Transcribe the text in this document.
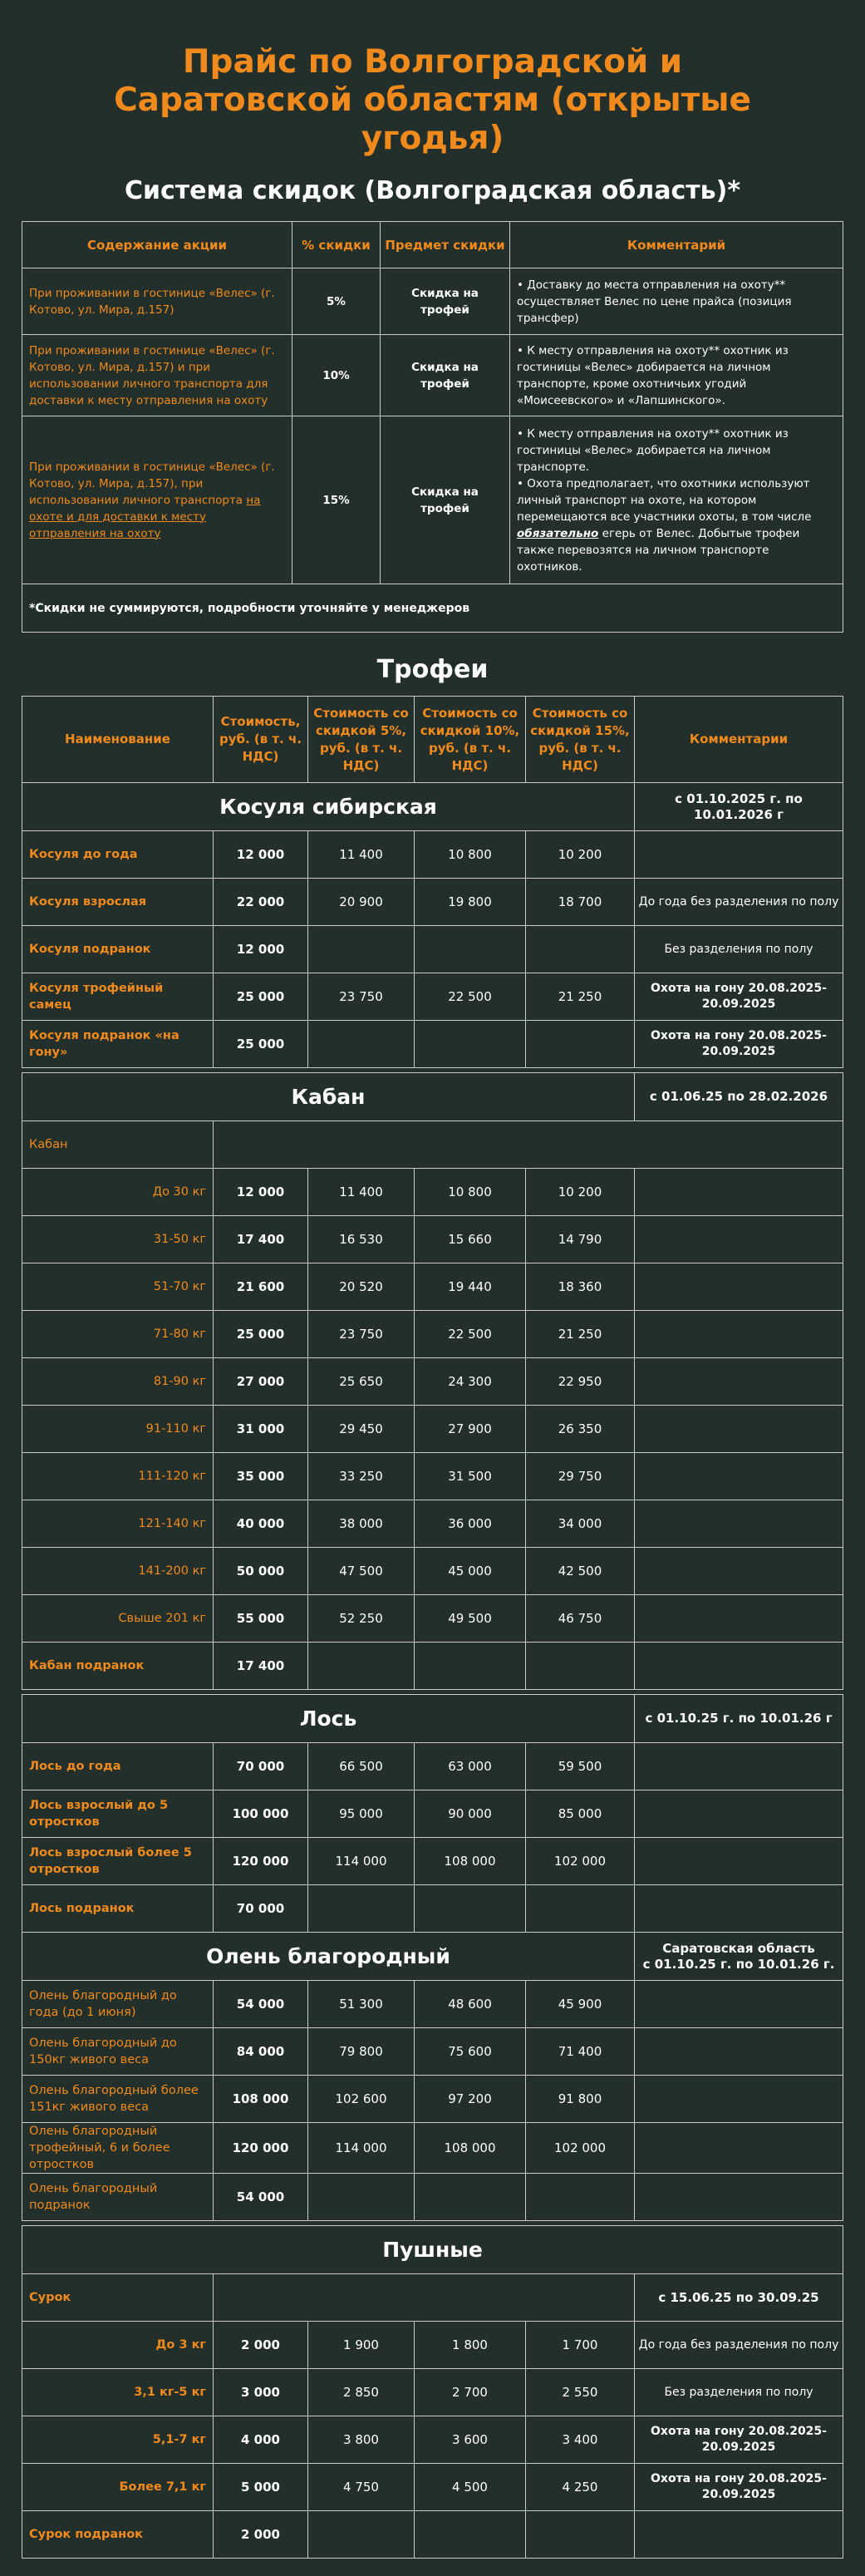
Прайс по Волгоградской и Саратовской областям (открытые угодья)
Система скидок (Волгоградская область)*
Содержание акции	% скидки	Предмет скидки	Комментарий
При проживании в гостинице «Велес» (г. Котово, ул. Мира, д.157)	5%	Скидка на трофей	• Доставку до места отправления на охоту** осуществляет Велес по цене прайса (позиция трансфер)
При проживании в гостинице «Велес» (г. Котово, ул. Мира, д.157) и при использовании личного транспорта для доставки к месту отправления на охоту	10%	Скидка на трофей	• К месту отправления на охоту** охотник из гостиницы «Велес» добирается на личном транспорте, кроме охотничьих угодий «Моисеевского» и «Лапшинского».
При проживании в гостинице «Велес» (г. Котово, ул. Мира, д.157), при использовании личного транспорта на охоте и для доставки к месту отправления на охоту	15%	Скидка на трофей	• К месту отправления на охоту** охотник из гостиницы «Велес» добирается на личном транспорте.
• Охота предполагает, что охотники используют личный транспорт на охоте, на котором перемещаются все участники охоты, в том числе обязательно егерь от Велес. Добытые трофеи также перевозятся на личном транспорте охотников.

*Скидки не суммируются, подробности уточняйте у менеджеров			
Трофеи
Наименование	Стоимость, руб. (в т. ч. НДС)	Стоимость со скидкой 5%, руб. (в т. ч. НДС)	Стоимость со скидкой 10%, руб. (в т. ч. НДС)	Стоимость со скидкой 15%, руб. (в т. ч. НДС)	Комментарии
Косуля сибирская					с 01.10.2025 г. по 10.01.2026 г
Косуля до года	12 000	11 400	10 800	10 200	
Косуля взрослая	22 000	20 900	19 800	18 700	До года без разделения по полу
Косуля подранок	12 000				Без разделения по полу
Косуля трофейный самец	25 000	23 750	22 500	21 250	Охота на гону 20.08.2025-20.09.2025
Косуля подранок «на гону»	25 000				Охота на гону 20.08.2025-20.09.2025

Кабан					с 01.06.25 по 28.02.2026
Кабан					
До 30 кг	12 000	11 400	10 800	10 200	
31-50 кг	17 400	16 530	15 660	14 790	
51-70 кг	21 600	20 520	19 440	18 360	
71-80 кг	25 000	23 750	22 500	21 250	
81-90 кг	27 000	25 650	24 300	22 950	
91-110 кг	31 000	29 450	27 900	26 350	
111-120 кг	35 000	33 250	31 500	29 750	
121-140 кг	40 000	38 000	36 000	34 000	
141-200 кг	50 000	47 500	45 000	42 500	
Свыше 201 кг	55 000	52 250	49 500	46 750	
Кабан подранок	17 400				

Лось					с 01.10.25 г. по 10.01.26 г
Лось до года	70 000	66 500	63 000	59 500	
Лось взрослый до 5 отростков	100 000	95 000	90 000	85 000	
Лось взрослый более 5 отростков	120 000	114 000	108 000	102 000	
Лось подранок	70 000				
Олень благородный					Саратовская область
с 01.10.25 г. по 10.01.26 г.

Олень благородный до года (до 1 июня)	54 000	51 300	48 600	45 900	
Олень благородный до 150кг живого веса	84 000	79 800	75 600	71 400	
Олень благородный более 151кг живого веса	108 000	102 600	97 200	91 800	
Олень благородный трофейный, 6 и более отростков	120 000	114 000	108 000	102 000	
Олень благородный подранок	54 000				

Пушные					
Сурок					с 15.06.25 по 30.09.25
До 3 кг	2 000	1 900	1 800	1 700	До года без разделения по полу
3,1 кг-5 кг	3 000	2 850	2 700	2 550	Без разделения по полу
5,1-7 кг	4 000	3 800	3 600	3 400	Охота на гону 20.08.2025-20.09.2025
Более 7,1 кг	5 000	4 750	4 500	4 250	Охота на гону 20.08.2025-20.09.2025
Сурок подранок	2 000				
